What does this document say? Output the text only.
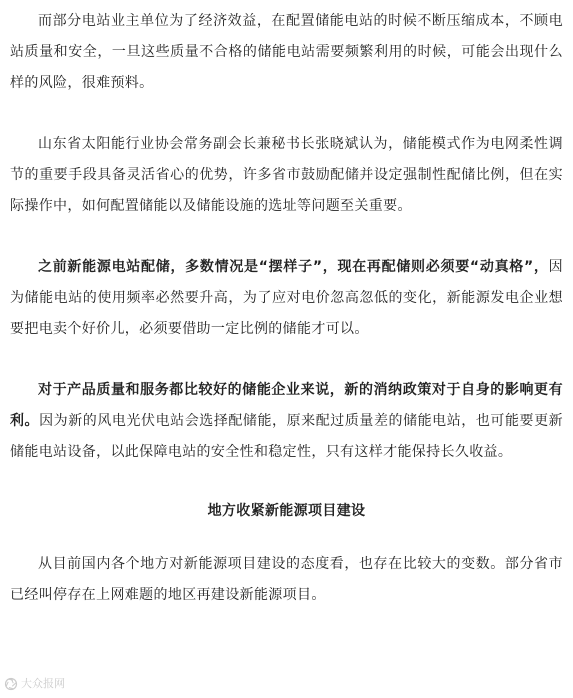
而部分电站业主单位为了经济效益，在配置储能电站的时候不断压缩成本，不顾电站质量和安全，一旦这些质量不合格的储能电站需要频繁利用的时候，可能会出现什么样的风险，很难预料。

山东省太阳能行业协会常务副会长兼秘书长张晓斌认为，储能模式作为电网柔性调节的重要手段具备灵活省心的优势，许多省市鼓励配储并设定强制性配储比例，但在实际操作中，如何配置储能以及储能设施的选址等问题至关重要。

之前新能源电站配储，多数情况是“摆样子”，现在再配储则必须要“动真格”，因为储能电站的使用频率必然要升高，为了应对电价忽高忽低的变化，新能源发电企业想要把电卖个好价儿，必须要借助一定比例的储能才可以。

对于产品质量和服务都比较好的储能企业来说，新的消纳政策对于自身的影响更有利。因为新的风电光伏电站会选择配储能，原来配过质量差的储能电站，也可能要更新储能电站设备，以此保障电站的安全性和稳定性，只有这样才能保持长久收益。

地方收紧新能源项目建设

从目前国内各个地方对新能源项目建设的态度看，也存在比较大的变数。部分省市已经叫停存在上网难题的地区再建设新能源项目。

大众报网
